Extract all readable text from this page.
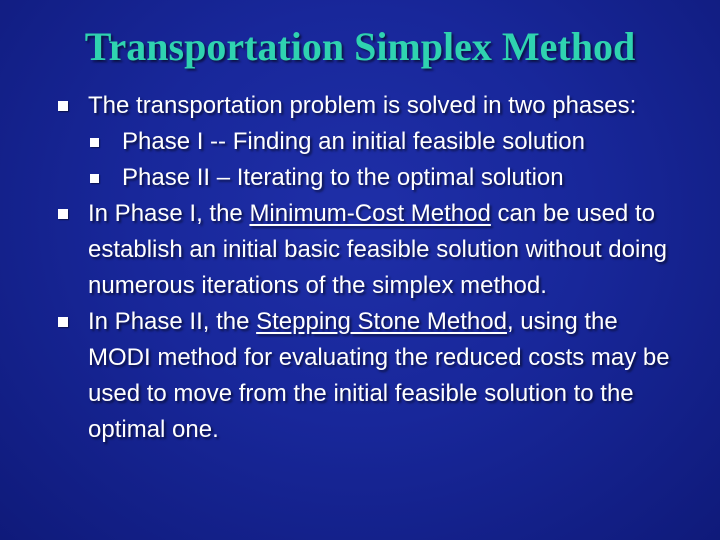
Transportation Simplex Method
The transportation problem is solved in two phases:
Phase I -- Finding an initial feasible solution
Phase II – Iterating to the optimal solution
In Phase I, the Minimum-Cost Method can be used to establish an initial basic feasible solution without doing numerous iterations of the simplex method.
In Phase II, the Stepping Stone Method, using the MODI method for evaluating the reduced costs may be used to move from the initial feasible solution to the optimal one.
